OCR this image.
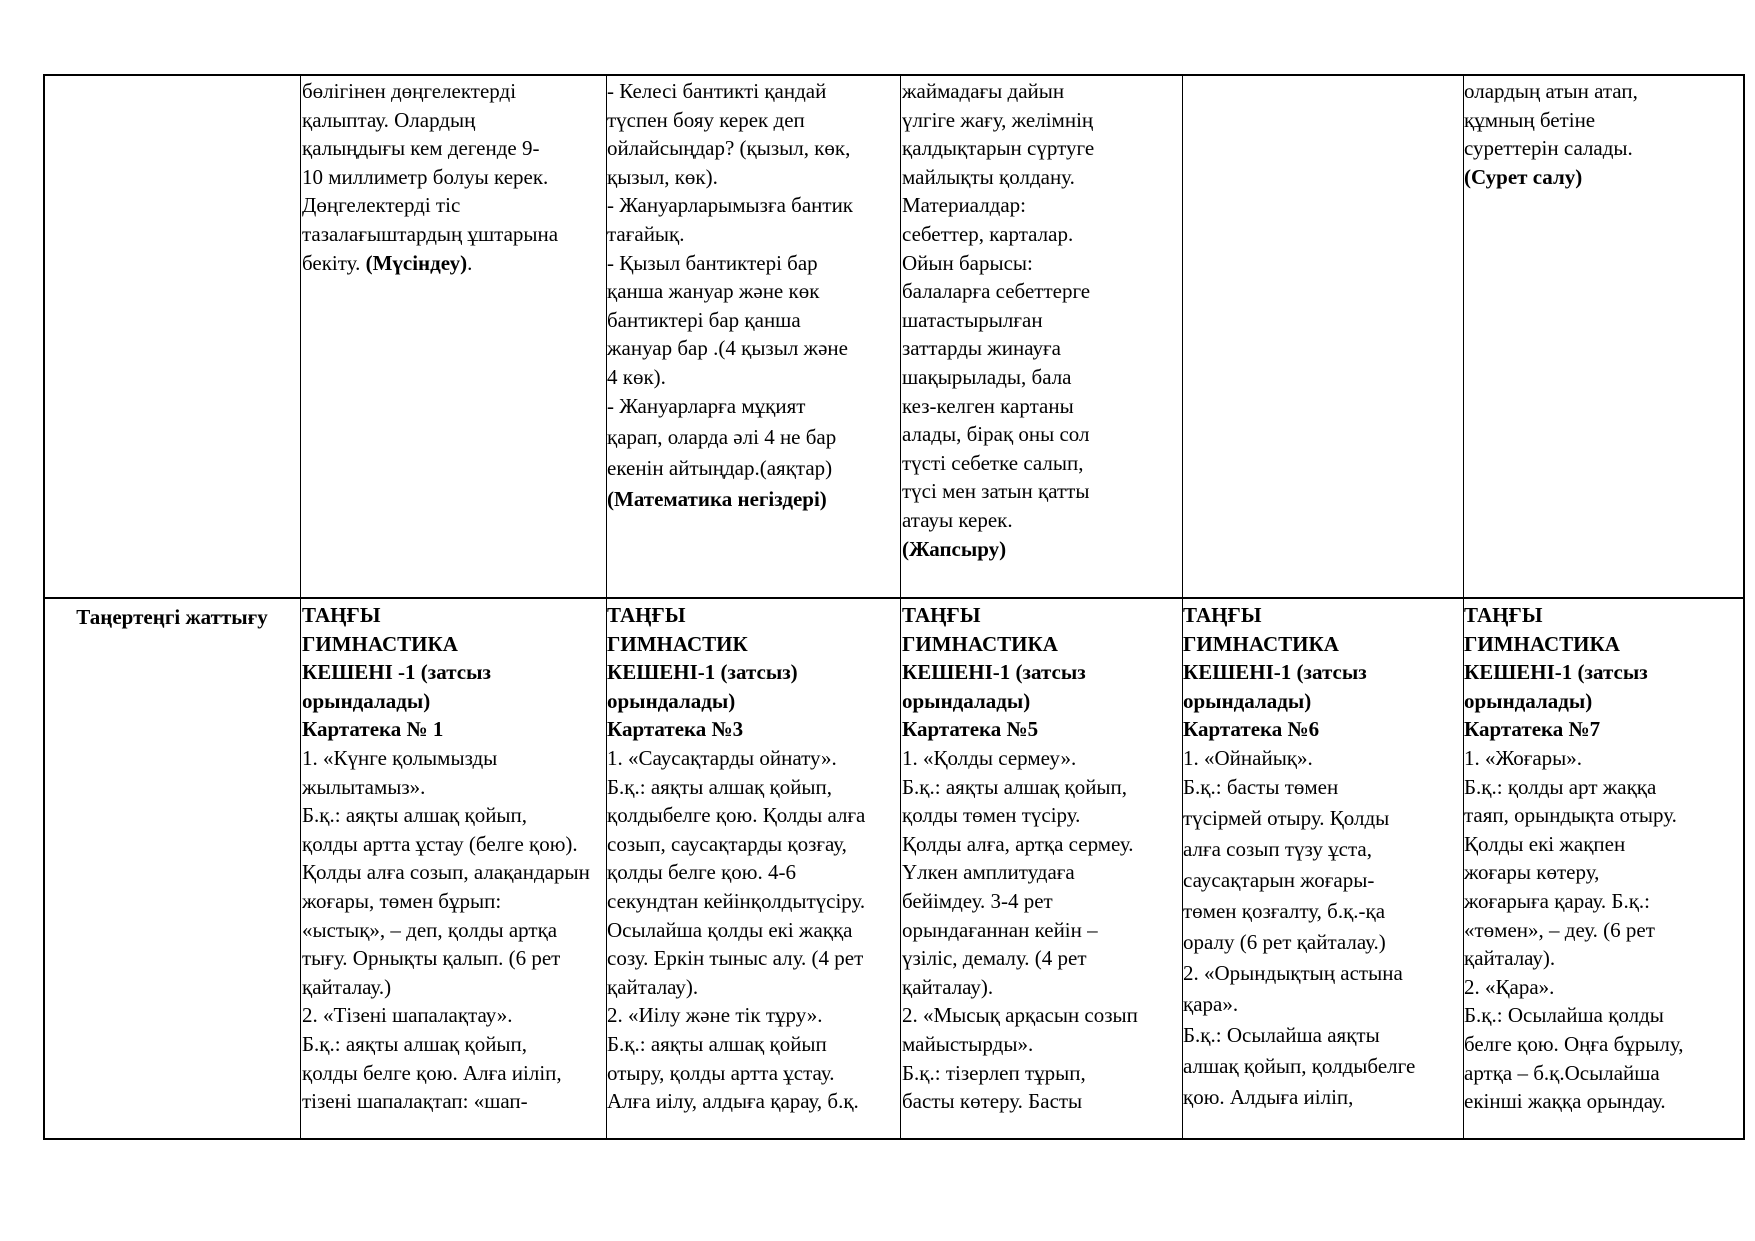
бөлігінен дөңгелектерді
қалыптау. Олардың
қалыңдығы кем дегенде 9-
10 миллиметр болуы керек.
Дөңгелектерді тіс
тазалағыштардың ұштарына
бекіту. (Мүсіндеу).
- Келесі бантикті қандай
түспен бояу керек деп
ойлайсыңдар? (қызыл, көк,
қызыл, көк).
- Жануарларымызға бантик
тағайық.
- Қызыл бантиктері бар
қанша жануар және көк
бантиктері бар қанша
жануар бар .(4 қызыл және
4 көк).
- Жануарларға мұқият
қарап, оларда әлі 4 не бар
екенін айтыңдар.(аяқтар)
(Математика негіздері)
жаймадағы дайын
үлгіге жағу, желімнің
қалдықтарын сүртуге
майлықты қолдану.
Материалдар:
себеттер, карталар.
Ойын барысы:
балаларға себеттерге
шатастырылған
заттарды жинауға
шақырылады, бала
кез-келген картаны
алады, бірақ оны сол
түсті себетке салып,
түсі мен затын қатты
атауы керек.
(Жапсыру)
олардың атын атап,
құмның бетіне
суреттерін салады.
(Сурет салу)
Таңертеңгі жаттығу	ТАҢҒЫ
ГИМНАСТИКА
КЕШЕНІ -1 (затсыз
орындалады)
Картатека № 1
1. «Күнге қолымызды
жылытамыз».
Б.қ.: аяқты алшақ қойып,
қолды артта ұстау (белге қою).
Қолды алға созып, алақандарын
жоғары, төмен бұрып:
«ыстық», – деп, қолды артқа
тығу. Орнықты қалып. (6 рет
қайталау.)
2. «Тізені шапалақтау».
Б.қ.: аяқты алшақ қойып,
қолды белге қою. Алға иіліп,
тізені шапалақтап: «шап-
ТАҢҒЫ
ГИМНАСТИК
КЕШЕНІ-1 (затсыз)
орындалады)
Картатека №3
1. «Саусақтарды ойнату».
Б.қ.: аяқты алшақ қойып,
қолдыбелге қою. Қолды алға
созып, саусақтарды қозғау,
қолды белге қою. 4-6
секундтан кейінқолдытүсіру.
Осылайша қолды екі жаққа
созу. Еркін тыныс алу. (4 рет
қайталау).
2. «Иілу және тік тұру».
Б.қ.: аяқты алшақ қойып
отыру, қолды артта ұстау.
Алға иілу, алдыға қарау, б.қ.
ТАҢҒЫ
ГИМНАСТИКА
КЕШЕНІ-1 (затсыз
орындалады)
Картатека №5
1. «Қолды сермеу».
Б.қ.: аяқты алшақ қойып,
қолды төмен түсіру.
Қолды алға, артқа сермеу.
Үлкен амплитудаға
бейімдеу. 3-4 рет
орындағаннан кейін –
үзіліс, демалу. (4 рет
қайталау).
2. «Мысық арқасын созып
майыстырды».
Б.қ.: тізерлеп тұрып,
басты көтеру. Басты
ТАҢҒЫ
ГИМНАСТИКА
КЕШЕНІ-1 (затсыз
орындалады)
Картатека №6
1. «Ойнайық».
Б.қ.: басты төмен
түсірмей отыру. Қолды
алға созып түзу ұста,
саусақтарын жоғары-
төмен қозғалту, б.қ.-қа
оралу (6 рет қайталау.)
2. «Орындықтың астына
қара».
Б.қ.: Осылайша аяқты
алшақ қойып, қолдыбелге
қою. Алдыға иіліп,
ТАҢҒЫ
ГИМНАСТИКА
КЕШЕНІ-1 (затсыз
орындалады)
Картатека №7
1. «Жоғары».
Б.қ.: қолды арт жаққа
таяп, орындықта отыру.
Қолды екі жақпен
жоғары көтеру,
жоғарыға қарау. Б.қ.:
«төмен», – деу. (6 рет
қайталау).
2. «Қара».
Б.қ.: Осылайша қолды
белге қою. Оңға бұрылу,
артқа – б.қ.Осылайша
екінші жаққа орындау.
